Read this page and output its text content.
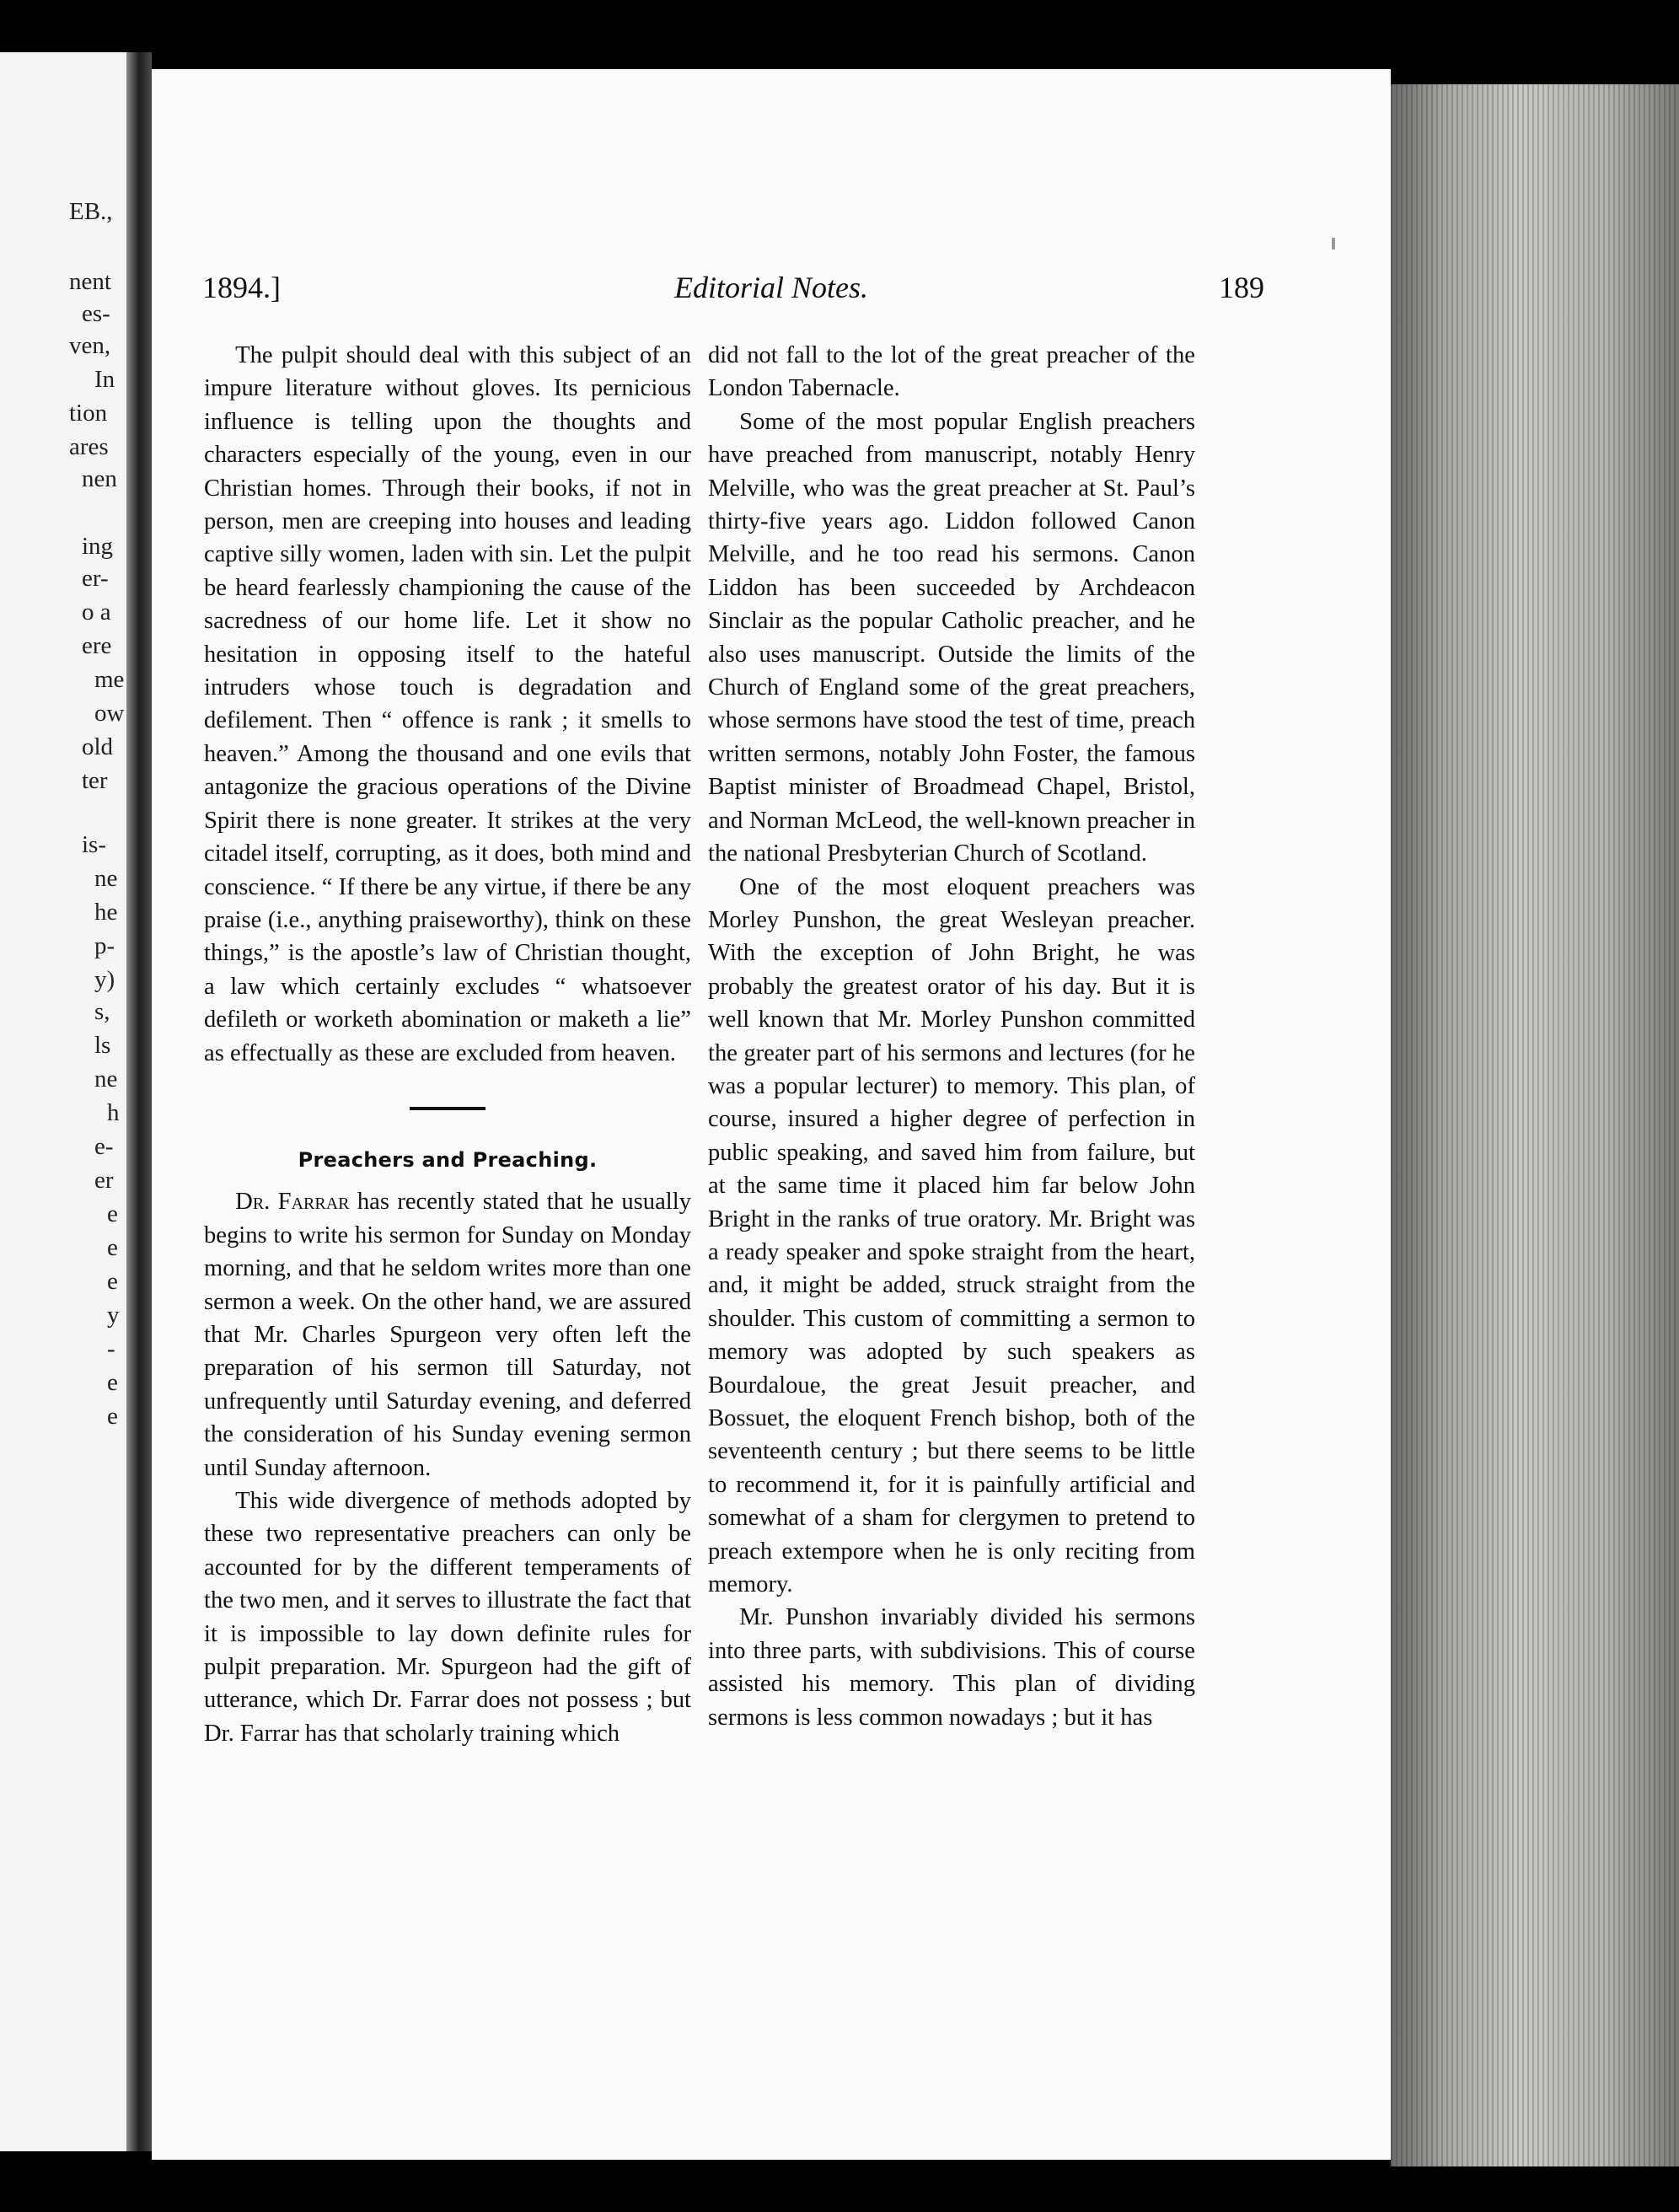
EB.,
nent
es-
ven,
In
tion
ares
nen
ing
er-
o a
ere
me
ow
old
ter
is-
ne
he
p-
y)
s,
ls
ne
h
e-
er
e
e
e
y
-
e
e
1894.]	Editorial Notes.	189

The pulpit should deal with this subject of an impure literature without gloves. Its pernicious influence is telling upon the thoughts and characters especially of the young, even in our Christian homes. Through their books, if not in person, men are creeping into houses and leading captive silly women, laden with sin. Let the pulpit be heard fearlessly championing the cause of the sacredness of our home life. Let it show no hesitation in opposing itself to the hateful intruders whose touch is degradation and defilement. Then “ offence is rank ; it smells to heaven.” Among the thousand and one evils that antagonize the gracious operations of the Divine Spirit there is none greater. It strikes at the very citadel itself, corrupting, as it does, both mind and conscience. “ If there be any virtue, if there be any praise (i.e., anything praiseworthy), think on these things,” is the apostle’s law of Christian thought, a law which certainly excludes “ whatsoever defileth or worketh abomination or maketh a lie” as effectually as these are excluded from heaven.

Preachers and Preaching.

Dr. Farrar has recently stated that he usually begins to write his sermon for Sunday on Monday morning, and that he seldom writes more than one sermon a week. On the other hand, we are assured that Mr. Charles Spurgeon very often left the preparation of his sermon till Saturday, not unfrequently until Saturday evening, and deferred the consideration of his Sunday evening sermon until Sunday afternoon.

This wide divergence of methods adopted by these two representative preachers can only be accounted for by the different temperaments of the two men, and it serves to illustrate the fact that it is impossible to lay down definite rules for pulpit preparation. Mr. Spurgeon had the gift of utterance, which Dr. Farrar does not possess ; but Dr. Farrar has that scholarly training which

did not fall to the lot of the great preacher of the London Tabernacle.

Some of the most popular English preachers have preached from manuscript, notably Henry Melville, who was the great preacher at St. Paul’s thirty-five years ago. Liddon followed Canon Melville, and he too read his sermons. Canon Liddon has been succeeded by Archdeacon Sinclair as the popular Catholic preacher, and he also uses manuscript. Outside the limits of the Church of England some of the great preachers, whose sermons have stood the test of time, preach written sermons, notably John Foster, the famous Baptist minister of Broadmead Chapel, Bristol, and Norman McLeod, the well-known preacher in the national Presbyterian Church of Scotland.

One of the most eloquent preachers was Morley Punshon, the great Wesleyan preacher. With the exception of John Bright, he was probably the greatest orator of his day. But it is well known that Mr. Morley Punshon committed the greater part of his sermons and lectures (for he was a popular lecturer) to memory. This plan, of course, insured a higher degree of perfection in public speaking, and saved him from failure, but at the same time it placed him far below John Bright in the ranks of true oratory. Mr. Bright was a ready speaker and spoke straight from the heart, and, it might be added, struck straight from the shoulder. This custom of committing a sermon to memory was adopted by such speakers as Bourdaloue, the great Jesuit preacher, and Bossuet, the eloquent French bishop, both of the seventeenth century ; but there seems to be little to recommend it, for it is painfully artificial and somewhat of a sham for clergymen to pretend to preach extempore when he is only reciting from memory.

Mr. Punshon invariably divided his sermons into three parts, with subdivisions. This of course assisted his memory. This plan of dividing sermons is less common nowadays ; but it has
